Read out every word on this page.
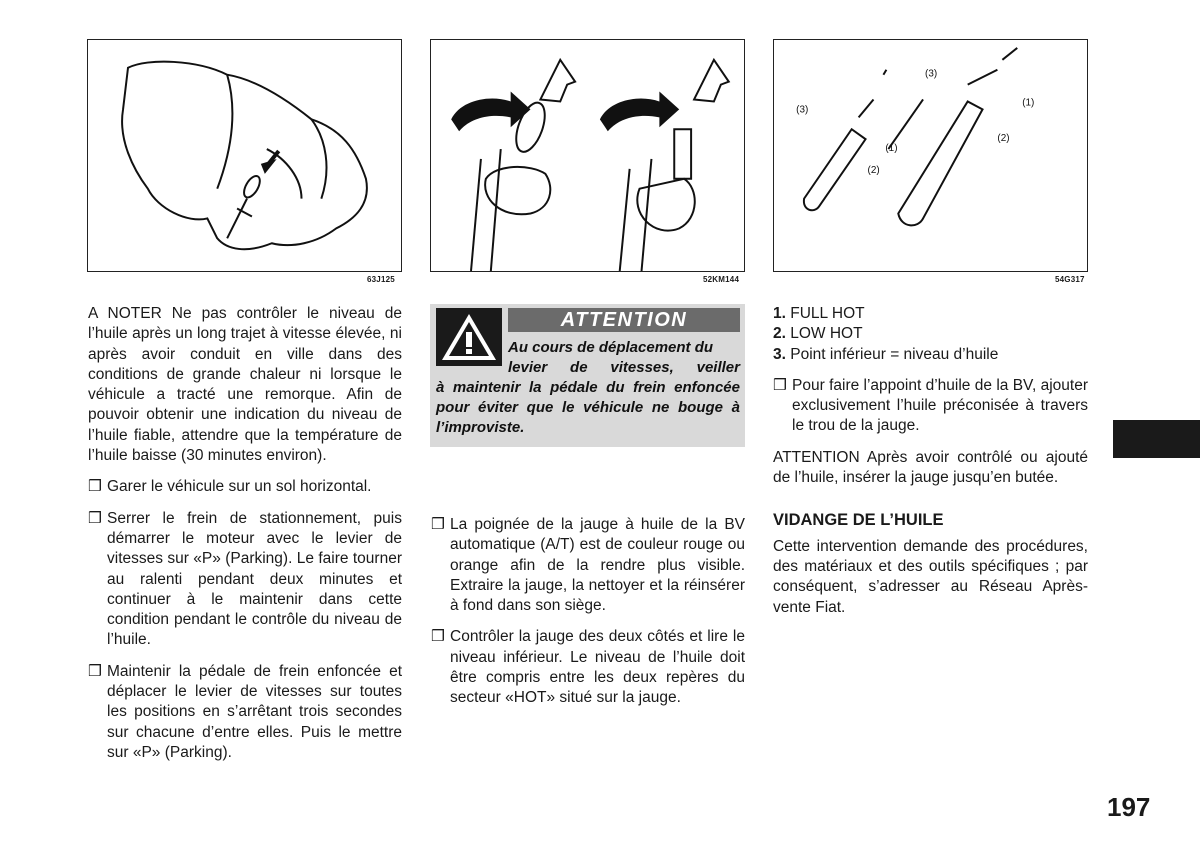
63J125	52KM144
(3)
(1)
(2)
(3)
(1)
(2)
54G317

A NOTER Ne pas contrôler le niveau de l’huile après un long trajet à vitesse élevée, ni après avoir conduit en ville dans des conditions de grande chaleur ni lorsque le véhicule a tracté une remorque. Afin de pouvoir obtenir une indication du niveau de l’huile fiable, attendre que la température de l’huile baisse (30 minutes environ).

❒ Garer le véhicule sur un sol horizontal.
❒ Serrer le frein de stationnement, puis démarrer le moteur avec le levier de vitesses sur «P» (Parking). Le faire tourner au ralenti pendant deux minutes et continuer à le maintenir dans cette condition pendant le contrôle du niveau de l’huile.
❒ Maintenir la pédale de frein enfoncée et déplacer le levier de vitesses sur toutes les positions en s’arrêtant trois secondes sur chacune d’entre elles. Puis le mettre sur «P» (Parking).
ATTENTION
Au cours de déplacement du
levier de vitesses, veiller
à maintenir la pédale du frein enfoncée pour éviter que le véhicule ne bouge à l’improviste.
❒ La poignée de la jauge à huile de la BV automatique (A/T) est de couleur rouge ou orange afin de la rendre plus visible. Extraire la jauge, la nettoyer et la réinsérer à fond dans son siège.
❒ Contrôler la jauge des deux côtés et lire le niveau inférieur. Le niveau de l’huile doit être compris entre les deux repères du secteur «HOT» situé sur la jauge.
1. FULL HOT
2. LOW HOT
3. Point inférieur = niveau d’huile
❒ Pour faire l’appoint d’huile de la BV, ajouter exclusivement l’huile préconisée à travers le trou de la jauge.

ATTENTION Après avoir contrôlé ou ajouté de l’huile, insérer la jauge jusqu’en butée.

VIDANGE DE L’HUILE

Cette intervention demande des procédures, des matériaux et des outils spécifiques ; par conséquent, s’adresser au Réseau Après-vente Fiat.

197
